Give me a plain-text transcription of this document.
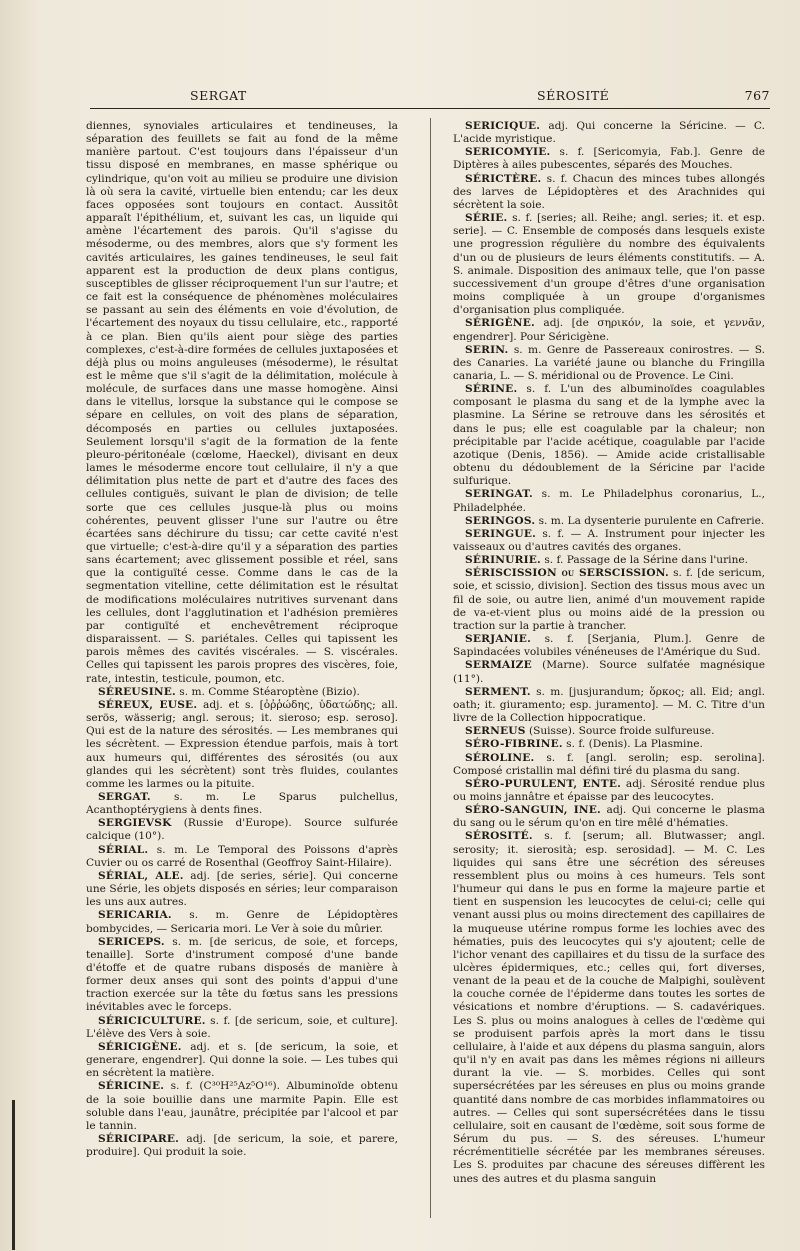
SERGAT	SÉROSITÉ	767

diennes, synoviales articulaires et tendineuses, la séparation des feuillets se fait au fond de la même manière partout. C'est toujours dans l'épaisseur d'un tissu disposé en membranes, en masse sphérique ou cylindrique, qu'on voit au milieu se produire une division là où sera la cavité, virtuelle bien entendu; car les deux faces opposées sont toujours en contact. Aussitôt apparaît l'épithélium, et, suivant les cas, un liquide qui amène l'écartement des parois. Qu'il s'agisse du mésoderme, ou des membres, alors que s'y forment les cavités articulaires, les gaines tendineuses, le seul fait apparent est la production de deux plans contigus, susceptibles de glisser réciproquement l'un sur l'autre; et ce fait est la conséquence de phénomènes moléculaires se passant au sein des éléments en voie d'évolution, de l'écartement des noyaux du tissu cellulaire, etc., rapporté à ce plan. Bien qu'ils aient pour siège des parties complexes, c'est-à-dire formées de cellules juxtaposées et déjà plus ou moins anguleuses (mésoderme), le résultat est le même que s'il s'agit de la délimitation, molécule à molécule, de surfaces dans une masse homogène. Ainsi dans le vitellus, lorsque la substance qui le compose se sépare en cellules, on voit des plans de séparation, décomposés en parties ou cellules juxtaposées. Seulement lorsqu'il s'agit de la formation de la fente pleuro-péritonéale (cœlome, Haeckel), divisant en deux lames le mésoderme encore tout cellulaire, il n'y a que délimitation plus nette de part et d'autre des faces des cellules contiguës, suivant le plan de division; de telle sorte que ces cellules jusque-là plus ou moins cohérentes, peuvent glisser l'une sur l'autre ou être écartées sans déchirure du tissu; car cette cavité n'est que virtuelle; c'est-à-dire qu'il y a séparation des parties sans écartement; avec glissement possible et réel, sans que la contiguïté cesse. Comme dans le cas de la segmentation vitelline, cette délimitation est le résultat de modifications moléculaires nutritives survenant dans les cellules, dont l'agglutination et l'adhésion premières par contiguïté et enchevêtrement réciproque disparaissent. — S. pariétales. Celles qui tapissent les parois mêmes des cavités viscérales. — S. viscérales. Celles qui tapissent les parois propres des viscères, foie, rate, intestin, testicule, poumon, etc.

SÉREUSINE. s. m. Comme Stéaroptène (Bizio).

SÉREUX, EUSE. adj. et s. [ὀῤῥώδης, ὑδατώδης; all. serös, wässerig; angl. serous; it. sieroso; esp. seroso]. Qui est de la nature des sérosités. — Les membranes qui les sécrètent. — Expression étendue parfois, mais à tort aux humeurs qui, différentes des sérosités (ou aux glandes qui les sécrètent) sont très fluides, coulantes comme les larmes ou la pituite.

SERGAT. s. m. Le Sparus pulchellus, Acanthoptérygiens à dents fines.

SERGIEVSK (Russie d'Europe). Source sulfurée calcique (10°).

SÉRIAL. s. m. Le Temporal des Poissons d'après Cuvier ou os carré de Rosenthal (Geoffroy Saint-Hilaire).

SÉRIAL, ALE. adj. [de series, série]. Qui concerne une Série, les objets disposés en séries; leur comparaison les uns aux autres.

SERICARIA. s. m. Genre de Lépidoptères bombycides, — Sericaria mori. Le Ver à soie du mûrier.

SERICEPS. s. m. [de sericus, de soie, et forceps, tenaille]. Sorte d'instrument composé d'une bande d'étoffe et de quatre rubans disposés de manière à former deux anses qui sont des points d'appui d'une traction exercée sur la tête du fœtus sans les pressions inévitables avec le forceps.

SÉRICICULTURE. s. f. [de sericum, soie, et culture]. L'élève des Vers à soie.

SÉRICIGÈNE. adj. et s. [de sericum, la soie, et generare, engendrer]. Qui donne la soie. — Les tubes qui en sécrètent la matière.

SÉRICINE. s. f. (C³⁰H²⁵Az⁵O¹⁶). Albuminoïde obtenu de la soie bouillie dans une marmite Papin. Elle est soluble dans l'eau, jaunâtre, précipitée par l'alcool et par le tannin.

SÉRICIPARE. adj. [de sericum, la soie, et parere, produire]. Qui produit la soie.

SERICIQUE. adj. Qui concerne la Séricine. — C. L'acide myristique.

SERICOMYIE. s. f. [Sericomyia, Fab.]. Genre de Diptères à ailes pubescentes, séparés des Mouches.

SÉRICTÈRE. s. f. Chacun des minces tubes allongés des larves de Lépidoptères et des Arachnides qui sécrètent la soie.

SÉRIE. s. f. [series; all. Reihe; angl. series; it. et esp. serie]. — C. Ensemble de composés dans lesquels existe une progression régulière du nombre des équivalents d'un ou de plusieurs de leurs éléments constitutifs. — A. S. animale. Disposition des animaux telle, que l'on passe successivement d'un groupe d'êtres d'une organisation moins compliquée à un groupe d'organismes d'organisation plus compliquée.

SÉRIGÈNE. adj. [de σηρικόν, la soie, et γεννᾶν, engendrer]. Pour Séricigène.

SERIN. s. m. Genre de Passereaux conirostres. — S. des Canaries. La variété jaune ou blanche du Fringilla canaria, L. — S. méridional ou de Provence. Le Cini.

SÉRINE. s. f. L'un des albuminoïdes coagulables composant le plasma du sang et de la lymphe avec la plasmine. La Sérine se retrouve dans les sérosités et dans le pus; elle est coagulable par la chaleur; non précipitable par l'acide acétique, coagulable par l'acide azotique (Denis, 1856). — Amide acide cristallisable obtenu du dédoublement de la Séricine par l'acide sulfurique.

SERINGAT. s. m. Le Philadelphus coronarius, L., Philadelphée.

SERINGOS. s. m. La dysenterie purulente en Cafrerie.

SERINGUE. s. f. — A. Instrument pour injecter les vaisseaux ou d'autres cavités des organes.

SÉRINURIE. s. f. Passage de la Sérine dans l'urine.

SÉRISCISSION ou SERSCISSION. s. f. [de sericum, soie, et scissio, division]. Section des tissus mous avec un fil de soie, ou autre lien, animé d'un mouvement rapide de va-et-vient plus ou moins aidé de la pression ou traction sur la partie à trancher.

SERJANIE. s. f. [Serjania, Plum.]. Genre de Sapindacées volubiles vénéneuses de l'Amérique du Sud.

SERMAIZE (Marne). Source sulfatée magnésique (11°).

SERMENT. s. m. [jusjurandum; ὅρκος; all. Eid; angl. oath; it. giuramento; esp. juramento]. — M. C. Titre d'un livre de la Collection hippocratique.

SERNEUS (Suisse). Source froide sulfureuse.

SÉRO-FIBRINE. s. f. (Denis). La Plasmine.

SÉROLINE. s. f. [angl. serolin; esp. serolina]. Composé cristallin mal défini tiré du plasma du sang.

SÉRO-PURULENT, ENTE. adj. Sérosité rendue plus ou moins jannâtre et épaisse par des leucocytes.

SÉRO-SANGUIN, INE. adj. Qui concerne le plasma du sang ou le sérum qu'on en tire mêlé d'hématies.

SÉROSITÉ. s. f. [serum; all. Blutwasser; angl. serosity; it. sierosità; esp. serosidad]. — M. C. Les liquides qui sans être une sécrétion des séreuses ressemblent plus ou moins à ces humeurs. Tels sont l'humeur qui dans le pus en forme la majeure partie et tient en suspension les leucocytes de celui-ci; celle qui venant aussi plus ou moins directement des capillaires de la muqueuse utérine rompus forme les lochies avec des hématies, puis des leucocytes qui s'y ajoutent; celle de l'ichor venant des capillaires et du tissu de la surface des ulcères épidermiques, etc.; celles qui, fort diverses, venant de la peau et de la couche de Malpighi, soulèvent la couche cornée de l'épiderme dans toutes les sortes de vésications et nombre d'éruptions. — S. cadavériques. Les S. plus ou moins analogues à celles de l'œdème qui se produisent parfois après la mort dans le tissu cellulaire, à l'aide et aux dépens du plasma sanguin, alors qu'il n'y en avait pas dans les mêmes régions ni ailleurs durant la vie. — S. morbides. Celles qui sont supersécrétées par les séreuses en plus ou moins grande quantité dans nombre de cas morbides inflammatoires ou autres. — Celles qui sont supersécrétées dans le tissu cellulaire, soit en causant de l'œdème, soit sous forme de Sérum du pus. — S. des séreuses. L'humeur récrémentitielle sécrétée par les membranes séreuses. Les S. produites par chacune des séreuses diffèrent les unes des autres et du plasma sanguin
